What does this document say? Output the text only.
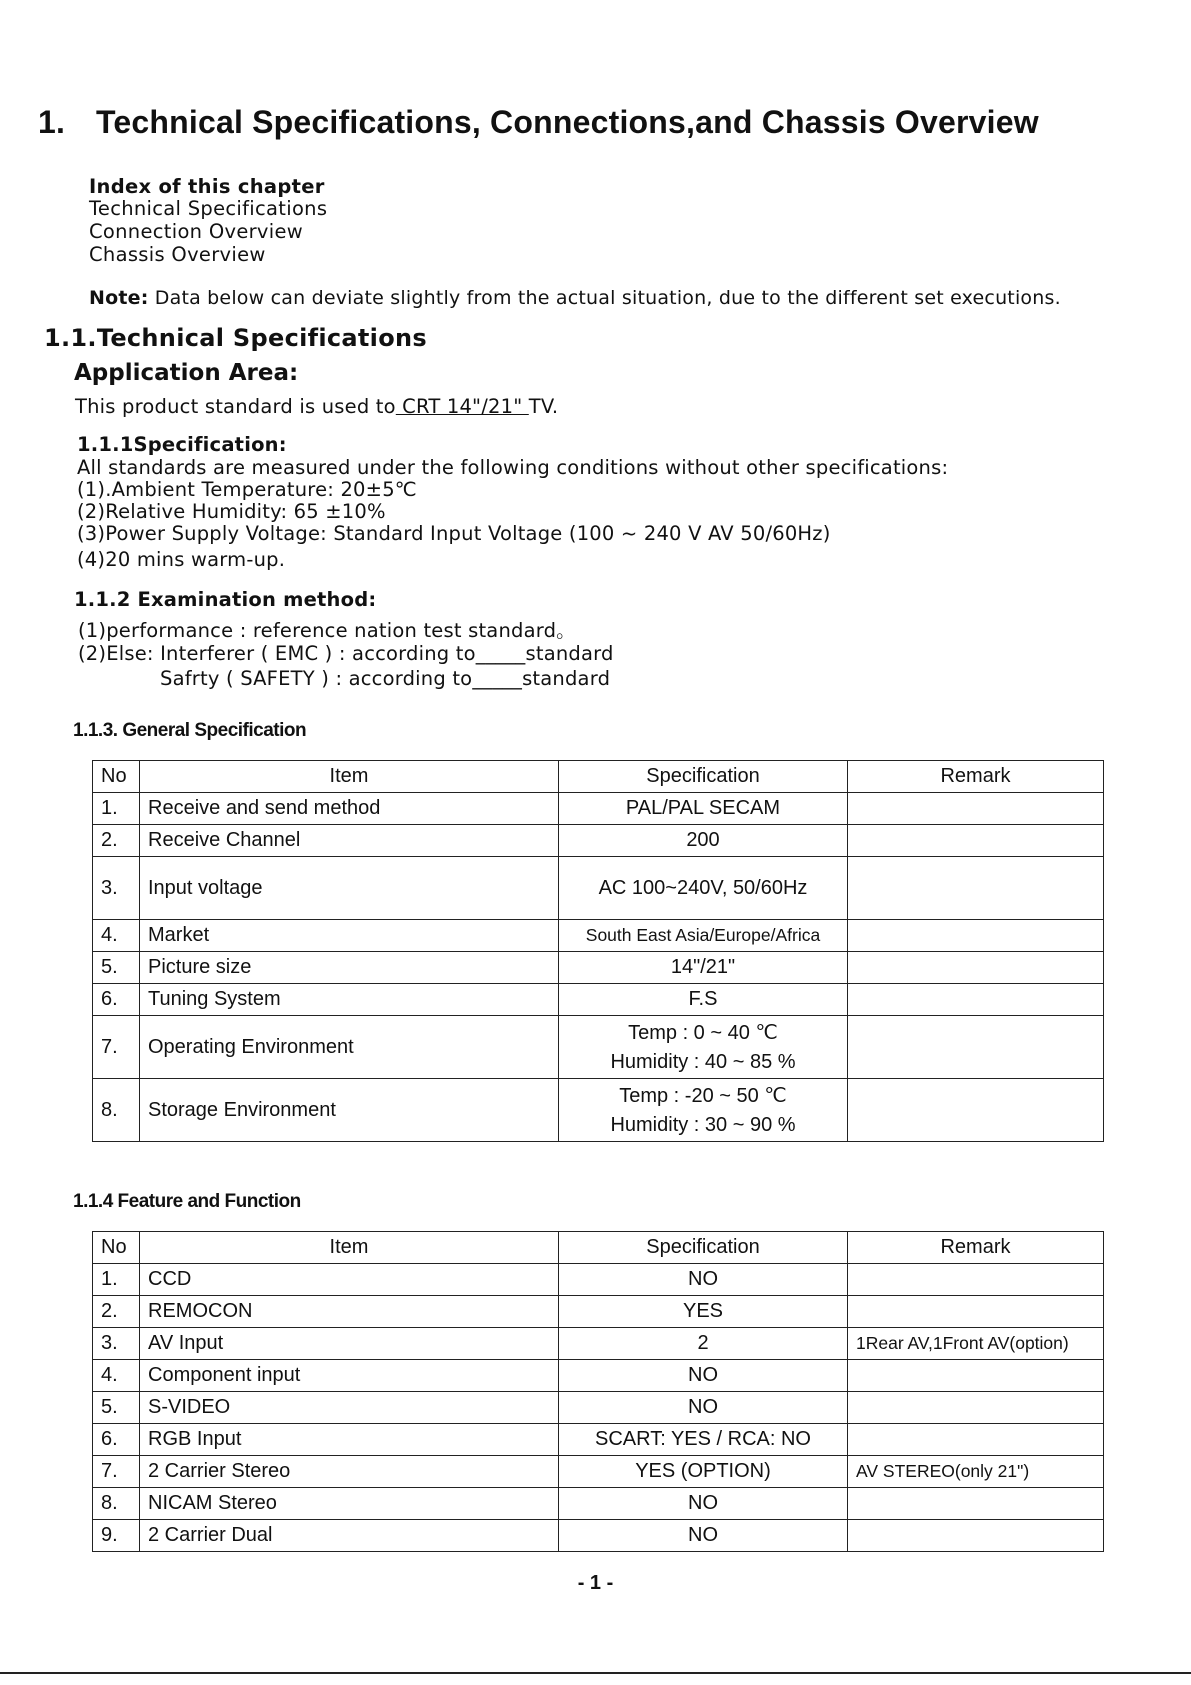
1. Technical Specifications, Connections,and Chassis Overview
Index of this chapter
Technical Specifications
Connection Overview
Chassis Overview
Note: Data below can deviate slightly from the actual situation, due to the different set executions.
1.1.Technical Specifications
Application Area:
This product standard is used to CRT 14"/21" TV.
1.1.1Specification:
All standards are measured under the following conditions without other specifications:
(1).Ambient Temperature: 20±5℃
(2)Relative Humidity: 65 ±10%
(3)Power Supply Voltage: Standard Input Voltage (100 ~ 240 V AV 50/60Hz)
(4)20 mins warm-up.
1.1.2 Examination method:
(1)performance : reference nation test standard。
(2)Else: Interferer ( EMC ) : according to_____standard
Safrty ( SAFETY ) : according to_____standard
1.1.3. General Specification
No	Item	Specification	Remark
1.	Receive and send method	PAL/PAL SECAM	
2.	Receive Channel	200	
3.	Input voltage	AC 100~240V, 50/60Hz	
4.	Market	South East Asia/Europe/Africa	
5.	Picture size	14"/21"	
6.	Tuning System	F.S	
7.	Operating Environment	Temp : 0 ~ 40 ℃
Humidity : 40 ~ 85 %	

8.	Storage Environment	Temp : -20 ~ 50 ℃
Humidity : 30 ~ 90 %	

1.1.4 Feature and Function
No	Item	Specification	Remark
1.	CCD	NO	
2.	REMOCON	YES	
3.	AV Input	2	1Rear AV,1Front AV(option)
4.	Component input	NO	
5.	S-VIDEO	NO	
6.	RGB Input	SCART: YES / RCA: NO	
7.	2 Carrier Stereo	YES (OPTION)	AV STEREO(only 21")
8.	NICAM Stereo	NO	
9.	2 Carrier Dual	NO	
- 1 -
